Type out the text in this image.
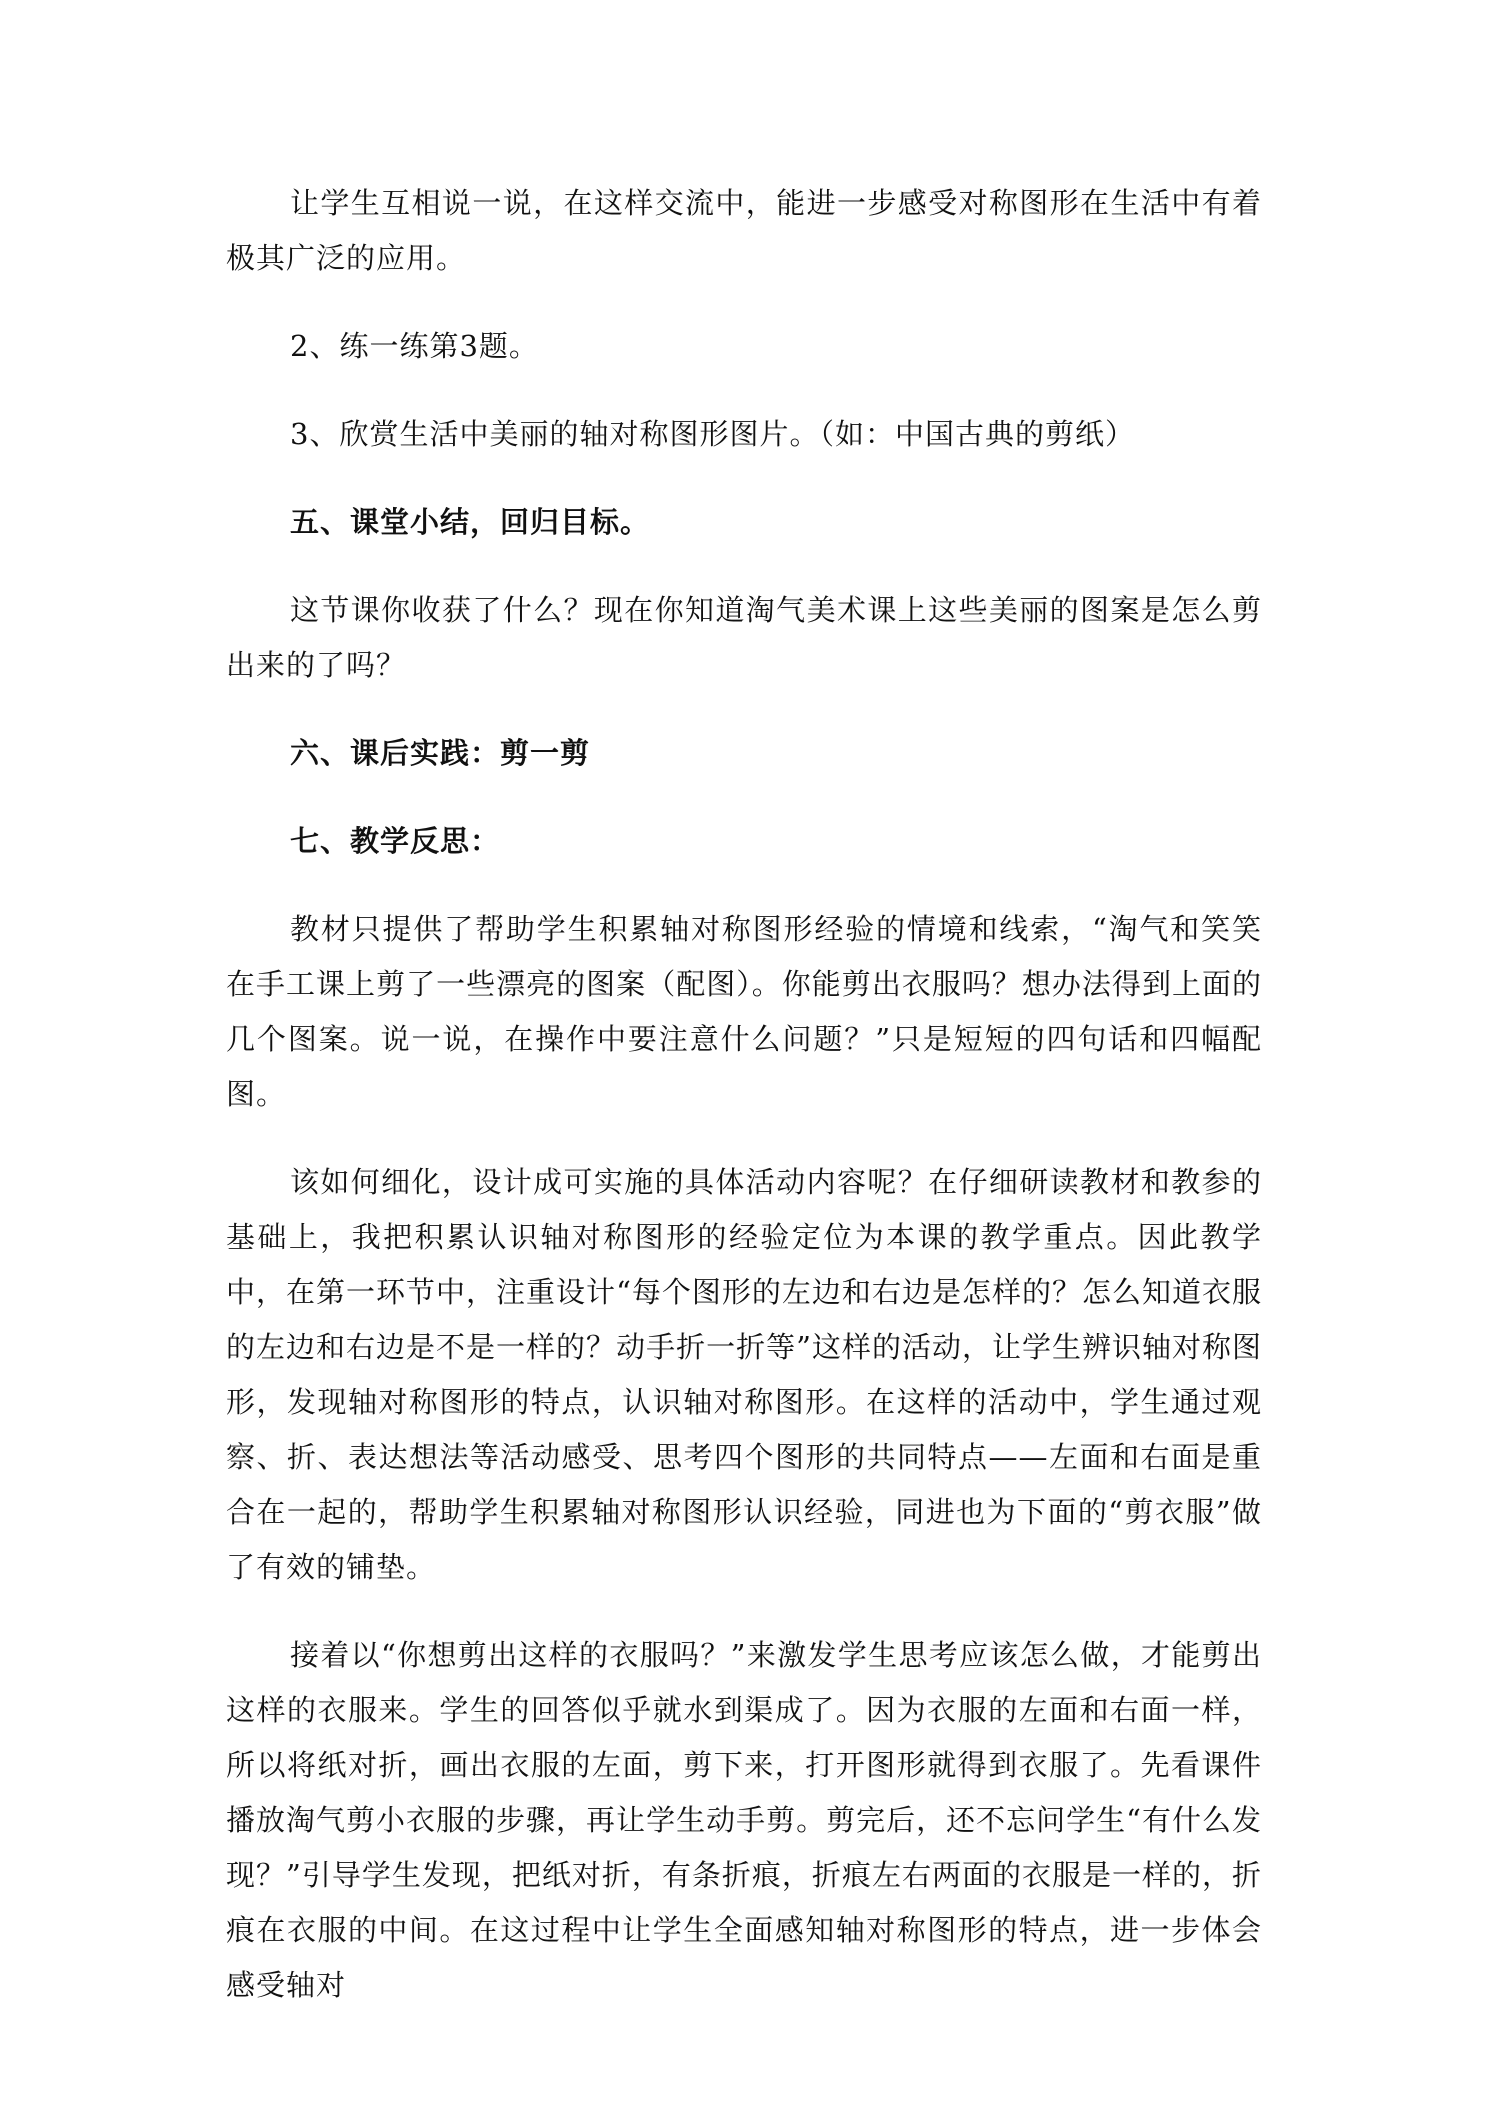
让学生互相说一说，在这样交流中，能进一步感受对称图形在生活中有着极其广泛的应用。

2、练一练第3题。

3、欣赏生活中美丽的轴对称图形图片。（如：中国古典的剪纸）

五、课堂小结，回归目标。

这节课你收获了什么？现在你知道淘气美术课上这些美丽的图案是怎么剪出来的了吗？

六、课后实践：剪一剪

七、教学反思：

教材只提供了帮助学生积累轴对称图形经验的情境和线索，“淘气和笑笑在手工课上剪了一些漂亮的图案（配图）。你能剪出衣服吗？想办法得到上面的几个图案。说一说，在操作中要注意什么问题？”只是短短的四句话和四幅配图。

该如何细化，设计成可实施的具体活动内容呢？在仔细研读教材和教参的基础上，我把积累认识轴对称图形的经验定位为本课的教学重点。因此教学中，在第一环节中，注重设计“每个图形的左边和右边是怎样的？怎么知道衣服的左边和右边是不是一样的？动手折一折等”这样的活动，让学生辨识轴对称图形，发现轴对称图形的特点，认识轴对称图形。在这样的活动中，学生通过观察、折、表达想法等活动感受、思考四个图形的共同特点——左面和右面是重合在一起的，帮助学生积累轴对称图形认识经验，同进也为下面的“剪衣服”做了有效的铺垫。

接着以“你想剪出这样的衣服吗？”来激发学生思考应该怎么做，才能剪出这样的衣服来。学生的回答似乎就水到渠成了。因为衣服的左面和右面一样，所以将纸对折，画出衣服的左面，剪下来，打开图形就得到衣服了。先看课件播放淘气剪小衣服的步骤，再让学生动手剪。剪完后，还不忘问学生“有什么发现？”引导学生发现，把纸对折，有条折痕，折痕左右两面的衣服是一样的，折痕在衣服的中间。在这过程中让学生全面感知轴对称图形的特点，进一步体会感受轴对
